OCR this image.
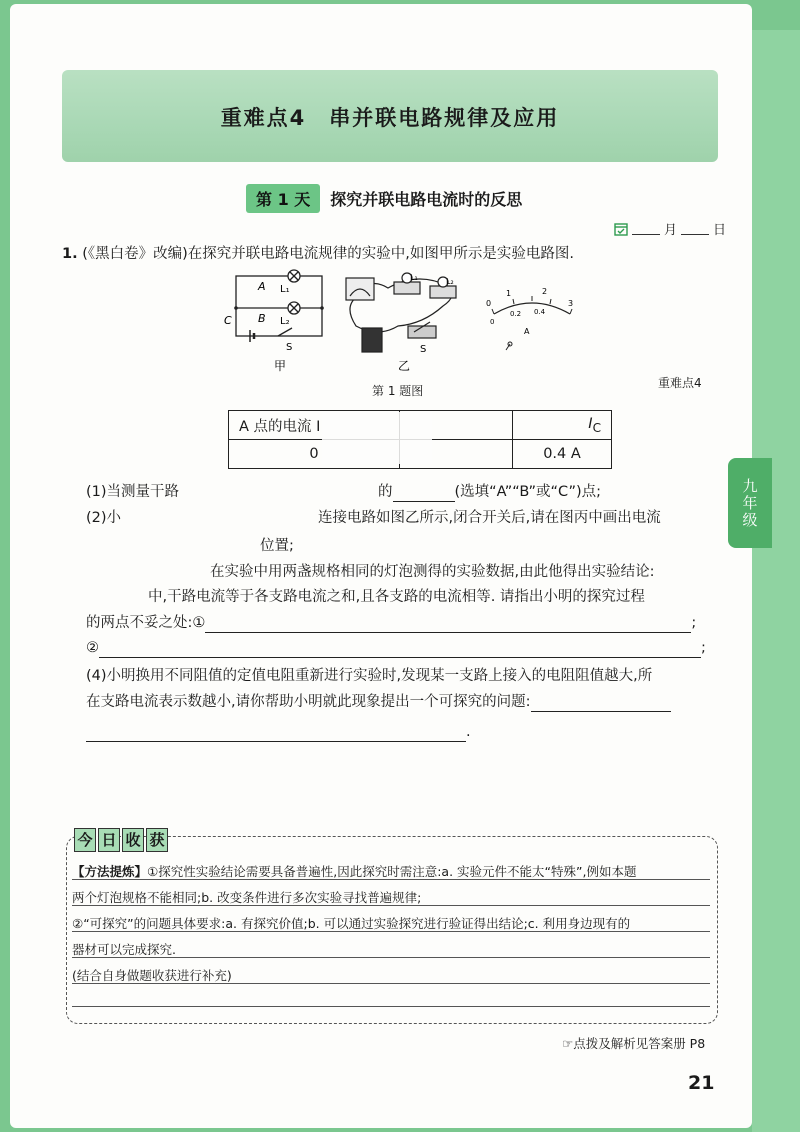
九年级
重难点4　串并联电路规律及应用
第 1 天	探究并联电路电流时的反思
月	日
1. (《黑白卷》改编)在探究并联电路电流规律的实验中,如图甲所示是实验电路图.
A
B
C
L₁
L₂
S
甲
L₁	L₂
S
乙
1	2
0	3
0
0.2 0.4
A
第 1 题图
重难点4
A 点的电流 I		$I_C$
0		0.4 A
(1)当测量干路	的	(选填“A”“B”或“C”)点;
(2)小	连接电路如图乙所示,闭合开关后,请在图丙中画出电流
位置;
在实验中用两盏规格相同的灯泡测得的实验数据,由此他得出实验结论:
中,干路电流等于各支路电流之和,且各支路的电流相等. 请指出小明的探究过程
的两点不妥之处:①	;
②	;
(4)小明换用不同阻值的定值电阻重新进行实验时,发现某一支路上接入的电阻阻值越大,所
在支路电流表示数越小,请你帮助小明就此现象提出一个可探究的问题:
.
今 日 收 获
【方法提炼】①探究性实验结论需要具备普遍性,因此探究时需注意:a. 实验元件不能太“特殊”,例如本题
两个灯泡规格不能相同;b. 改变条件进行多次实验寻找普遍规律;
②“可探究”的问题具体要求:a. 有探究价值;b. 可以通过实验探究进行验证得出结论;c. 利用身边现有的
器材可以完成探究.
(结合自身做题收获进行补充)
☞点拨及解析见答案册 P8
21
